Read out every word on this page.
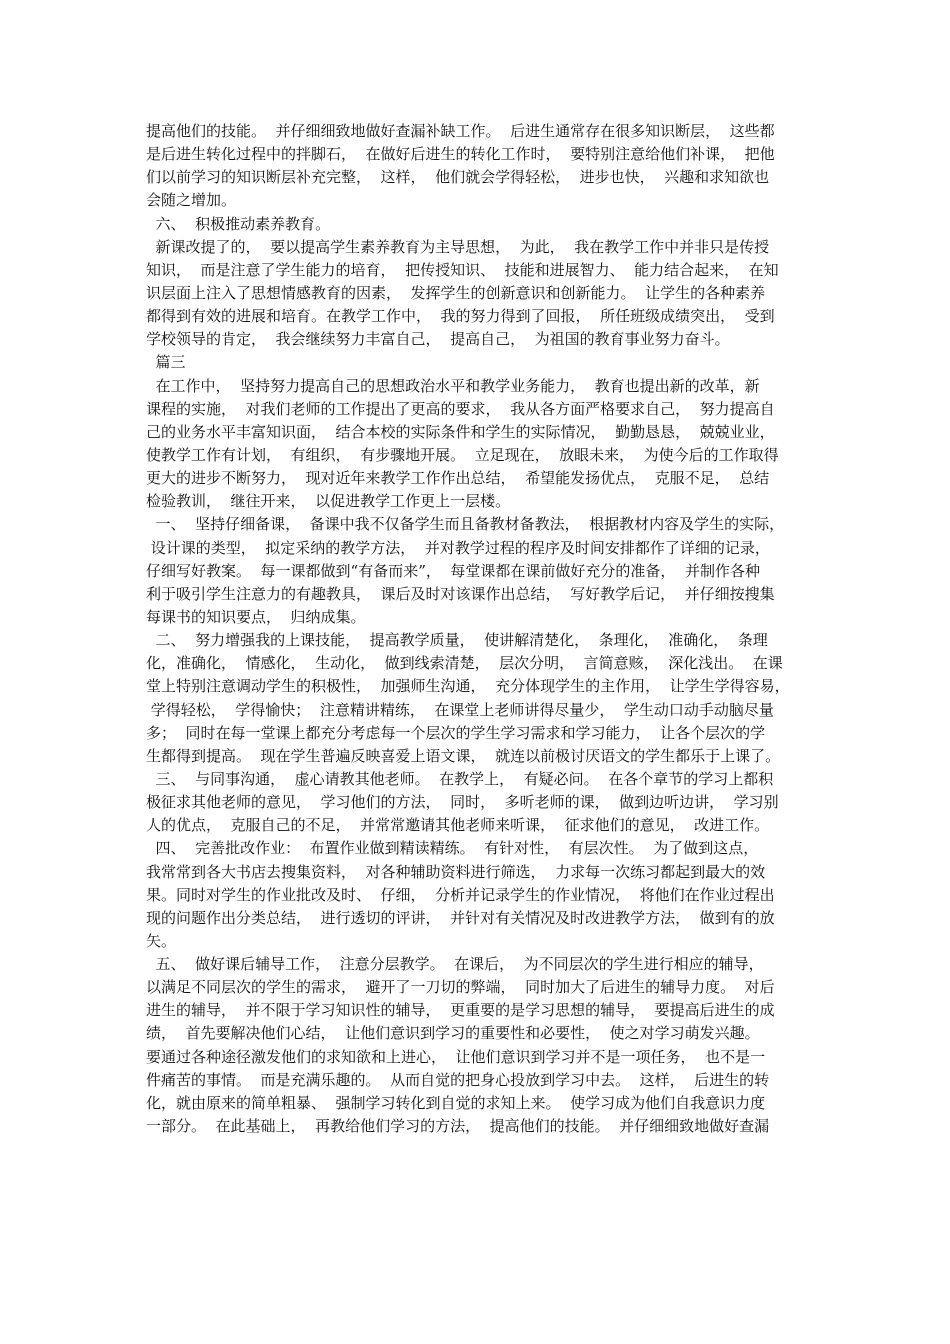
提高他们的技能。  并仔细细致地做好查漏补缺工作。  后进生通常存在很多知识断层，  这些都
是后进生转化过程中的拌脚石，  在做好后进生的转化工作时，  要特别注意给他们补课，  把他
们以前学习的知识断层补充完整，  这样，  他们就会学得轻松，  进步也快，  兴趣和求知欲也
会随之增加。
六、  积极推动素养教育。
新课改提了的，  要以提高学生素养教育为主导思想，  为此，  我在教学工作中并非只是传授
知识，  而是注意了学生能力的培育，  把传授知识、  技能和进展智力、  能力结合起来，  在知
识层面上注入了思想情感教育的因素，  发挥学生的创新意识和创新能力。  让学生的各种素养
都得到有效的进展和培育。在教学工作中，  我的努力得到了回报，  所任班级成绩突出，  受到
学校领导的肯定，  我会继续努力丰富自己，  提高自己，  为祖国的教育事业努力奋斗。
篇三
在工作中，  坚持努力提高自己的思想政治水平和教学业务能力，  教育也提出新的改革，新
课程的实施，  对我们老师的工作提出了更高的要求，  我从各方面严格要求自己，  努力提高自
己的业务水平丰富知识面，  结合本校的实际条件和学生的实际情况，  勤勤恳恳，  兢兢业业，
使教学工作有计划，  有组织，  有步骤地开展。  立足现在，  放眼未来，  为使今后的工作取得
更大的进步不断努力，  现对近年来教学工作作出总结，  希望能发扬优点，  克服不足，  总结
检验教训，  继往开来，  以促进教学工作更上一层楼。
一、  坚持仔细备课，  备课中我不仅备学生而且备教材备教法，  根据教材内容及学生的实际，
设计课的类型，  拟定采纳的教学方法，  并对教学过程的程序及时间安排都作了详细的记录，
仔细写好教案。  每一课都做到“有备而来”，  每堂课都在课前做好充分的准备，  并制作各种
利于吸引学生注意力的有趣教具，  课后及时对该课作出总结，  写好教学后记，  并仔细按搜集
每课书的知识要点，  归纳成集。
二、  努力增强我的上课技能，  提高教学质量，  使讲解清楚化，  条理化，  准确化，  条理
化，准确化，  情感化，  生动化，  做到线索清楚，  层次分明，  言简意赅，  深化浅出。  在课
堂上特别注意调动学生的积极性，  加强师生沟通，  充分体现学生的主作用，  让学生学得容易，
学得轻松，  学得愉快；  注意精讲精练，  在课堂上老师讲得尽量少，  学生动口动手动脑尽量
多；  同时在每一堂课上都充分考虑每一个层次的学生学习需求和学习能力，  让各个层次的学
生都得到提高。  现在学生普遍反映喜爱上语文课，  就连以前极讨厌语文的学生都乐于上课了。
三、  与同事沟通，  虚心请教其他老师。  在教学上，  有疑必问。  在各个章节的学习上都积
极征求其他老师的意见，  学习他们的方法，  同时，  多听老师的课，  做到边听边讲，  学习别
人的优点，  克服自己的不足，  并常常邀请其他老师来听课，  征求他们的意见，  改进工作。
四、  完善批改作业：  布置作业做到精读精练。  有针对性，  有层次性。  为了做到这点，
我常常到各大书店去搜集资料，  对各种辅助资料进行筛选，  力求每一次练习都起到最大的效
果。同时对学生的作业批改及时、  仔细，  分析并记录学生的作业情况，  将他们在作业过程出
现的问题作出分类总结，  进行透切的评讲，  并针对有关情况及时改进教学方法，  做到有的放
矢。
五、  做好课后辅导工作，  注意分层教学。  在课后，  为不同层次的学生进行相应的辅导，
以满足不同层次的学生的需求，  避开了一刀切的弊端，  同时加大了后进生的辅导力度。  对后
进生的辅导，  并不限于学习知识性的辅导，  更重要的是学习思想的辅导，  要提高后进生的成
绩，  首先要解决他们心结，  让他们意识到学习的重要性和必要性，  使之对学习萌发兴趣。
要通过各种途径激发他们的求知欲和上进心，  让他们意识到学习并不是一项任务，  也不是一
件痛苦的事情。  而是充满乐趣的。  从而自觉的把身心投放到学习中去。  这样，  后进生的转
化，就由原来的简单粗暴、  强制学习转化到自觉的求知上来。  使学习成为他们自我意识力度
一部分。  在此基础上，  再教给他们学习的方法，  提高他们的技能。  并仔细细致地做好查漏
